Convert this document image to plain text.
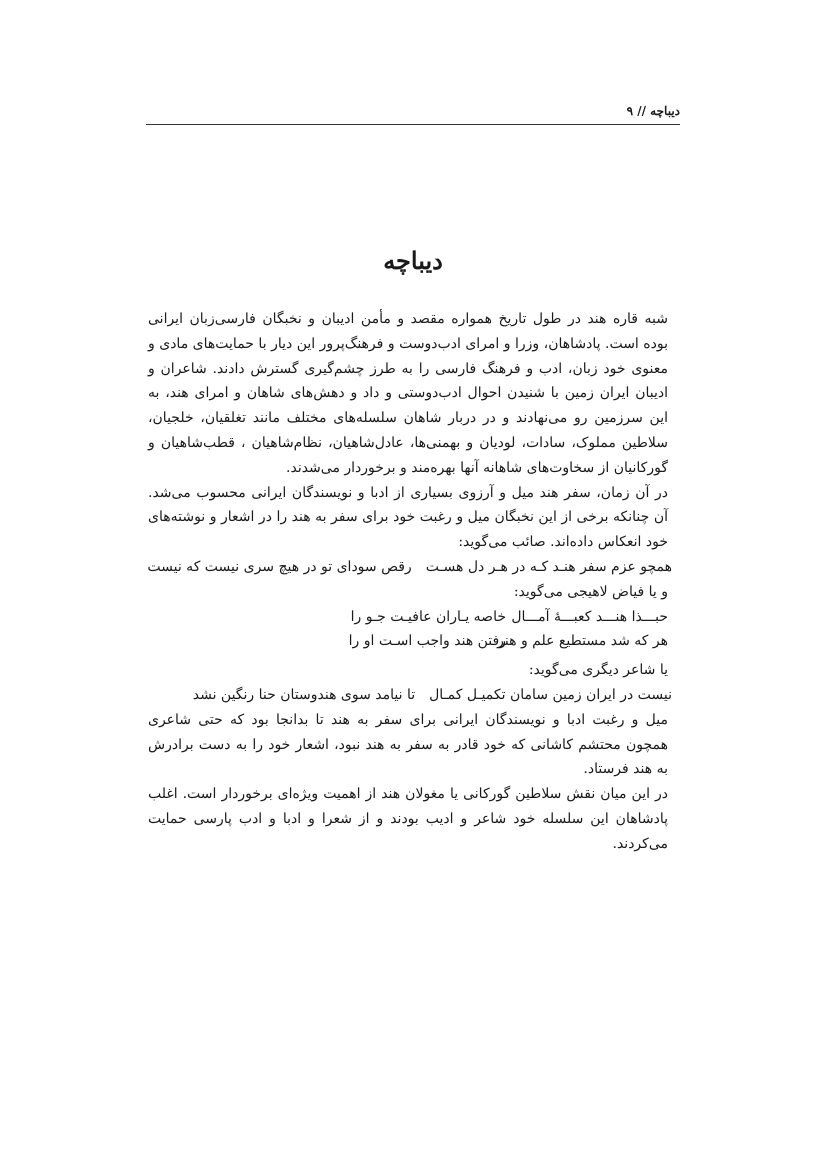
دیباچه // ۹
دیباچه

شبه قاره هند در طول تاریخ همواره مقصد و مأمن ادیبان و نخبگان فارسی‌زبان ایرانی بوده است. پادشاهان، وزرا و امرای ادب‌دوست و فرهنگ‌پرور این دیار با حمایت‌های مادی و معنوی خود زبان، ادب و فرهنگ فارسی را به طرز چشم‌گیری گسترش دادند. شاعران و ادیبان ایران زمین با شنیدن احوال ادب‌دوستی و داد و دهش‌های شاهان و امرای هند، به این سرزمین رو می‌نهادند و در دربار شاهان سلسله‌های مختلف مانند تغلقیان، خلجیان، سلاطین مملوک، سادات، لودیان و بهمنی‌ها، عادل‌شاهیان، نظام‌شاهیان ، قطب‌شاهیان و گورکانیان از سخاوت‌های شاهانه آنها بهره‌مند و برخوردار می‌شدند.

در آن زمان، سفر هند میل و آرزوی بسیاری از ادبا و نویسندگان ایرانی محسوب می‌شد. آن چنانکه برخی از این نخبگان میل و رغبت خود برای سفر به هند را در اشعار و نوشته‌های خود انعکاس داده‌اند. صائب می‌گوید:

همچو عزم سفر هنـد کـه در هـر دل هسـت
رقص سودای تو در هیچ سری نیست که نیست

و یا فیاض لاهیجی می‌گوید:

حبـــذا هنـــد کعبـــهٔ آمـــال
خاصه یـاران عافیـت جـو را
هر که شد مستطیع علم و هنر
رفتن هند واجب اسـت او را

یا شاعر دیگری می‌گوید:

نیست در ایران زمین سامان تکمیـل کمـال
تا نیامد سوی هندوستان حنا رنگین نشد

میل و رغبت ادبا و نویسندگان ایرانی برای سفر به هند تا بدانجا بود که حتی شاعری همچون محتشم کاشانی که خود قادر به سفر به هند نبود، اشعار خود را به دست برادرش به هند فرستاد.

در این میان نقش سلاطین گورکانی یا مغولان هند از اهمیت ویژه‌ای برخوردار است. اغلب پادشاهان این سلسله خود شاعر و ادیب بودند و از شعرا و ادبا و ادب پارسی حمایت می‌کردند.
